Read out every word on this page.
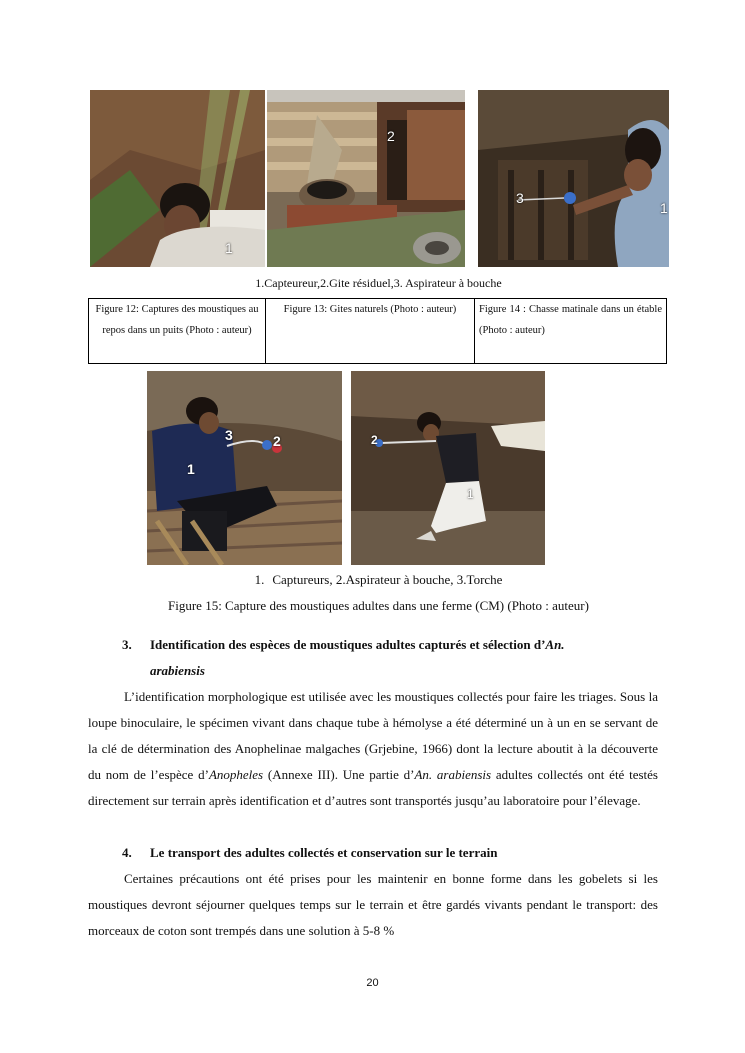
1
2
3
1
1.Capteureur,2.Gite résiduel,3. Aspirateur à bouche
Figure 12: Captures des moustiques au repos dans un puits (Photo : auteur)	Figure 13: Gites naturels (Photo : auteur)	Figure 14 : Chasse matinale dans un étable (Photo : auteur)
3	2
1
2
1
1. Captureurs, 2.Aspirateur à bouche, 3.Torche
Figure 15: Capture des moustiques adultes dans une ferme (CM) (Photo : auteur)
3. Identification des espèces de moustiques adultes capturés et sélection d’An.
arabiensis
L’identification morphologique est utilisée avec les moustiques collectés pour faire les triages. Sous la loupe binoculaire, le spécimen vivant dans chaque tube à hémolyse a été déterminé un à un en se servant de la clé de détermination des Anophelinae malgaches (Grjebine, 1966) dont la lecture aboutit à la découverte du nom de l’espèce d’Anopheles (Annexe III). Une partie d’An. arabiensis adultes collectés ont été testés directement sur terrain après identification et d’autres sont transportés jusqu’au laboratoire pour l’élevage.
4. Le transport des adultes collectés et conservation sur le terrain
Certaines précautions ont été prises pour les maintenir en bonne forme dans les gobelets si les moustiques devront séjourner quelques temps sur le terrain et être gardés vivants pendant le transport: des morceaux de coton sont trempés dans une solution à 5-8 %
20
